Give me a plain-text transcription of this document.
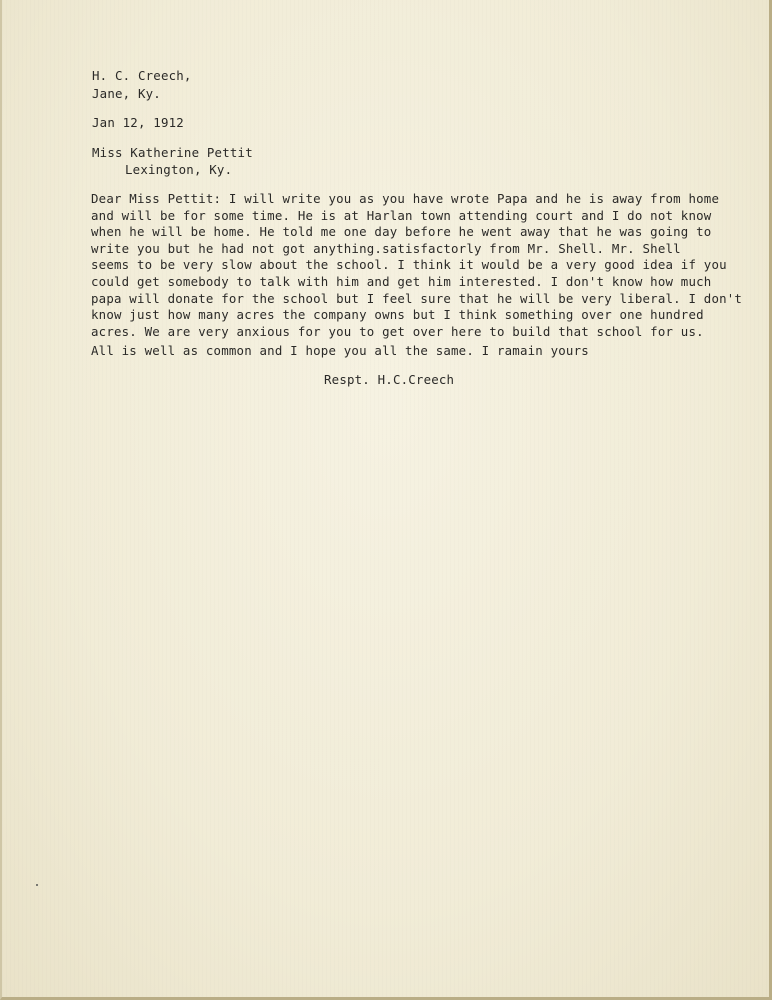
H. C. Creech,
Jane, Ky.
Jan 12, 1912
Miss Katherine Pettit
Lexington, Ky.
Dear Miss Pettit: I will write you as you have wrote Papa and he is away from home
and will be for some time. He is at Harlan town attending court and I do not know
when he will be home. He told me one day before he went away that he was going to
write you but he had not got anything.satisfactorly from Mr. Shell. Mr. Shell
seems to be very slow about the school. I think it would be a very good idea if you
could get somebody to talk with him and get him interested. I don't know how much
papa will donate for the school but I feel sure that he will be very liberal. I don't
know just how many acres the company owns but I think something over one hundred
acres. We are very anxious for you to get over here to build that school for us.
All is well as common and I hope you all the same. I ramain yours
Respt. H.C.Creech
